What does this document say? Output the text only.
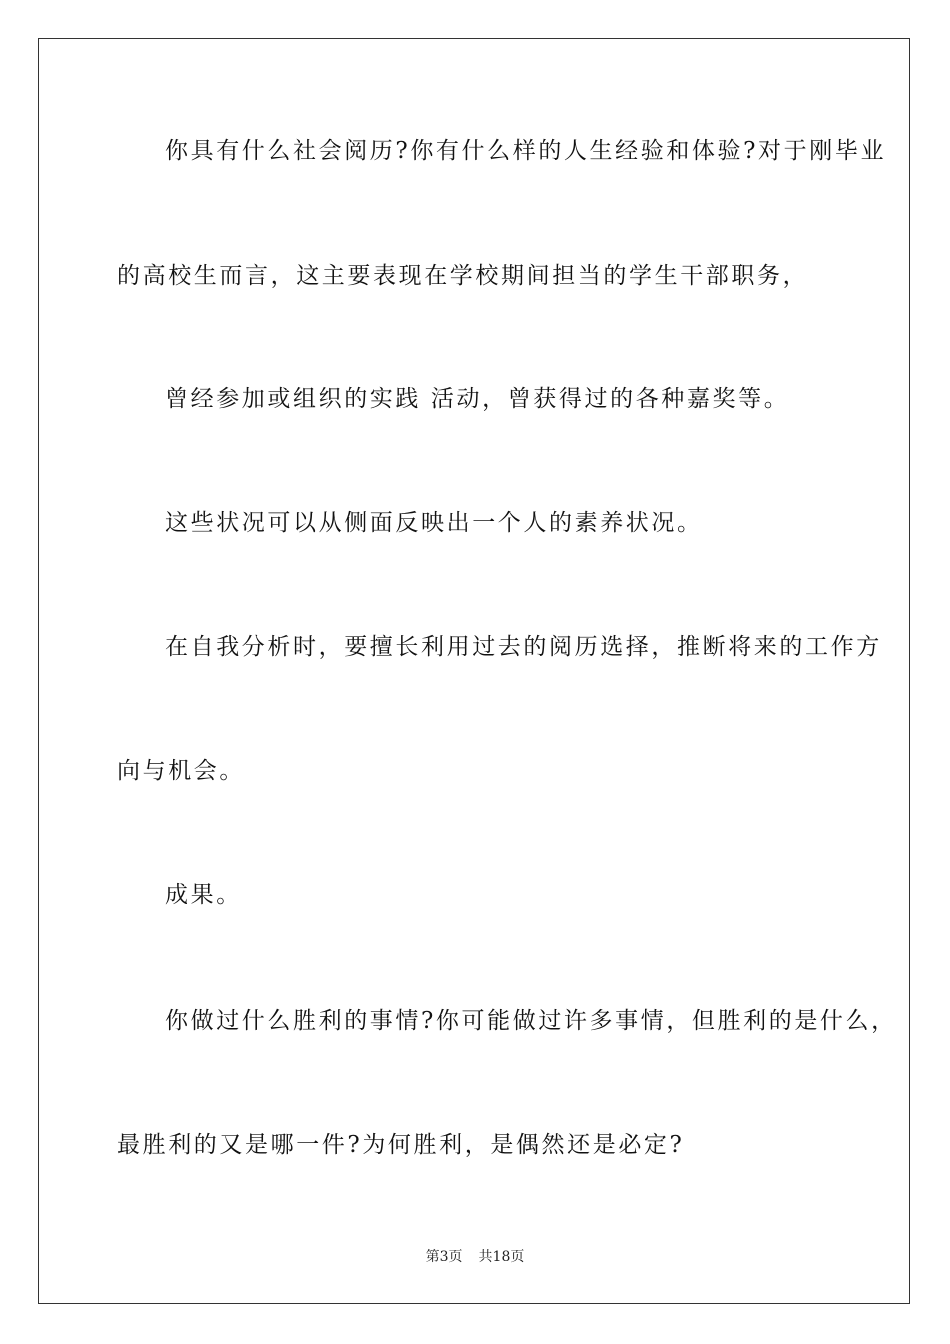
你具有什么社会阅历?你有什么样的人生经验和体验?对于刚毕业
的高校生而言，这主要表现在学校期间担当的学生干部职务，
曾经参加或组织的实践 活动，曾获得过的各种嘉奖等。
这些状况可以从侧面反映出一个人的素养状况。
在自我分析时，要擅长利用过去的阅历选择，推断将来的工作方
向与机会。
成果。
你做过什么胜利的事情?你可能做过许多事情，但胜利的是什么，
最胜利的又是哪一件?为何胜利，是偶然还是必定?
第3页 共18页
